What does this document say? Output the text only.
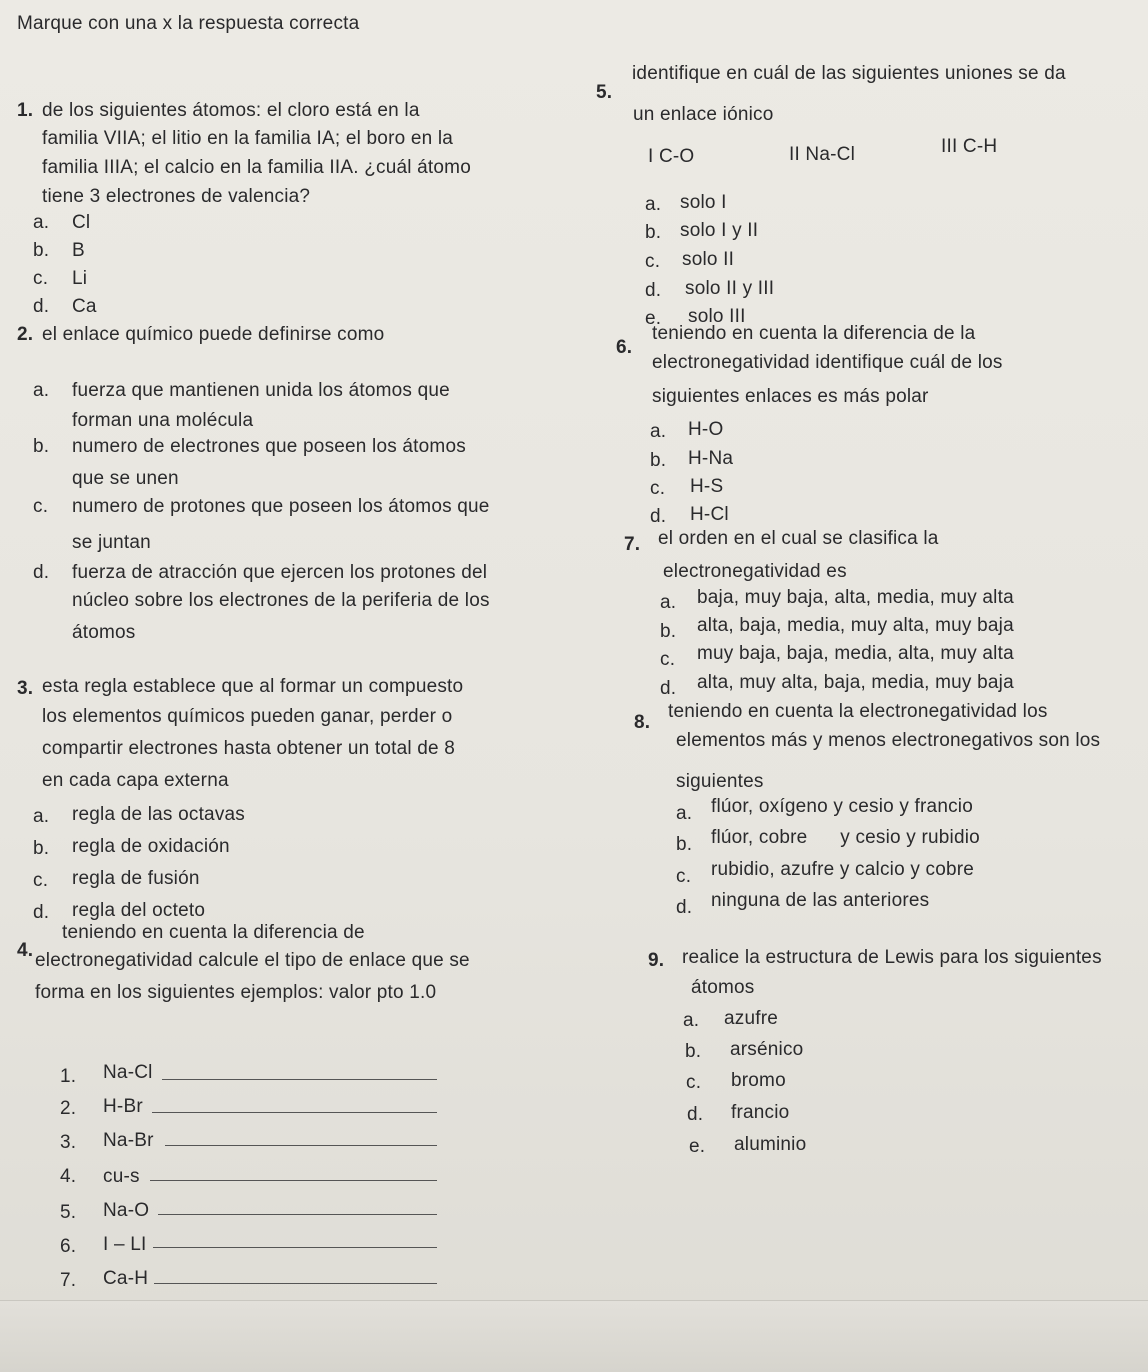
Marque con una x la respuesta correcta
1. de los siguientes átomos: el cloro está en la
familia VIIA; el litio en la familia IA; el boro en la
familia IIIA; el calcio en la familia IIA. ¿cuál átomo
tiene 3 electrones de valencia?
a. Cl
b. B
c. Li
d. Ca
2. el enlace químico puede definirse como
a. fuerza que mantienen unida los átomos que
forman una molécula
b. numero de electrones que poseen los átomos
que se unen
c. numero de protones que poseen los átomos que
se juntan
d. fuerza de atracción que ejercen los protones del
núcleo sobre los electrones de la periferia de los
átomos
3. esta regla establece que al formar un compuesto
los elementos químicos pueden ganar, perder o
compartir electrones hasta obtener un total de 8
en cada capa externa
a. regla de las octavas
b. regla de oxidación
c. regla de fusión
d. regla del octeto
4.
teniendo en cuenta la diferencia de
electronegatividad calcule el tipo de enlace que se
forma en los siguientes ejemplos: valor pto 1.0
1. Na-Cl
2. H-Br
3. Na-Br
4. cu-s
5. Na-O
6. I – LI
7. Ca-H
5.
identifique en cuál de las siguientes uniones se da
un enlace iónico
I C-O	II Na-Cl	III C-H
a. solo I
b. solo I y II
c. solo II
d. solo II y III
e. solo III
6.
teniendo en cuenta la diferencia de la
electronegatividad identifique cuál de los
siguientes enlaces es más polar
a. H-O
b. H-Na
c. H-S
d. H-Cl
7. el orden en el cual se clasifica la
electronegatividad es
a. baja, muy baja, alta, media, muy alta
b. alta, baja, media, muy alta, muy baja
c. muy baja, baja, media, alta, muy alta
d. alta, muy alta, baja, media, muy baja
8.
teniendo en cuenta la electronegatividad los
elementos más y menos electronegativos son los
siguientes
a. flúor, oxígeno y cesio y francio
b. flúor, cobre      y cesio y rubidio
c. rubidio, azufre y calcio y cobre
d. ninguna de las anteriores
9. realice la estructura de Lewis para los siguientes
átomos
a. azufre
b. arsénico
c. bromo
d. francio
e. aluminio
